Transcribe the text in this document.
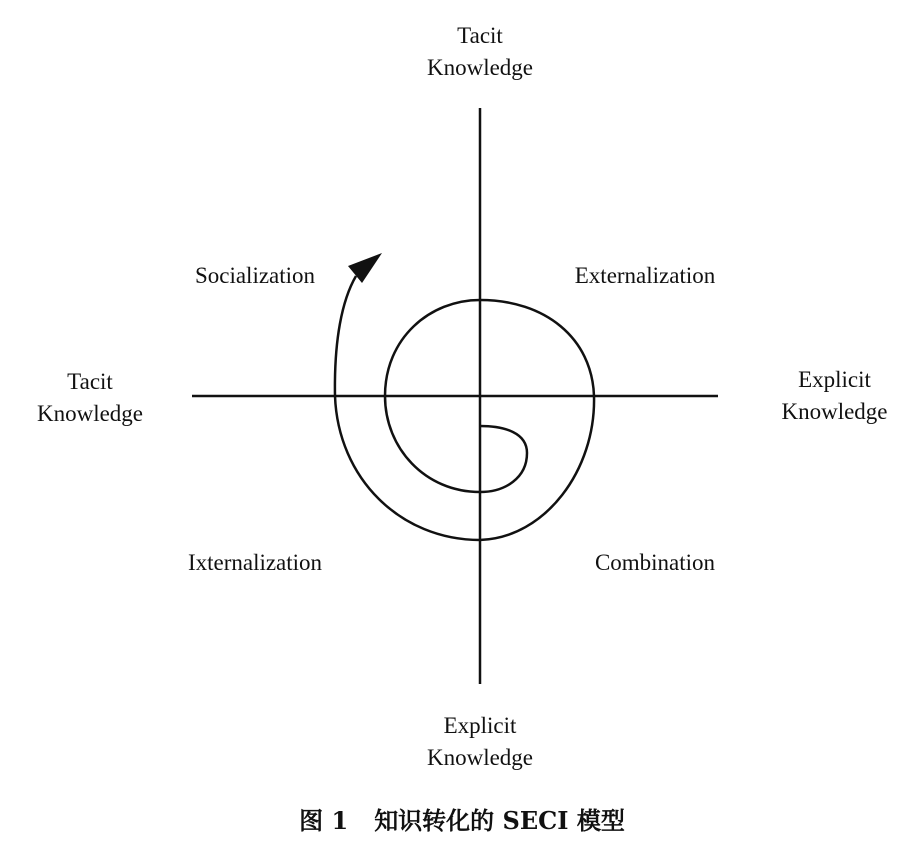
Tacit
Knowledge
Explicit
Knowledge
Tacit
Knowledge
Explicit
Knowledge
Socialization	Externalization
Ixternalization	Combination
图 1 知识转化的 SECI 模型
